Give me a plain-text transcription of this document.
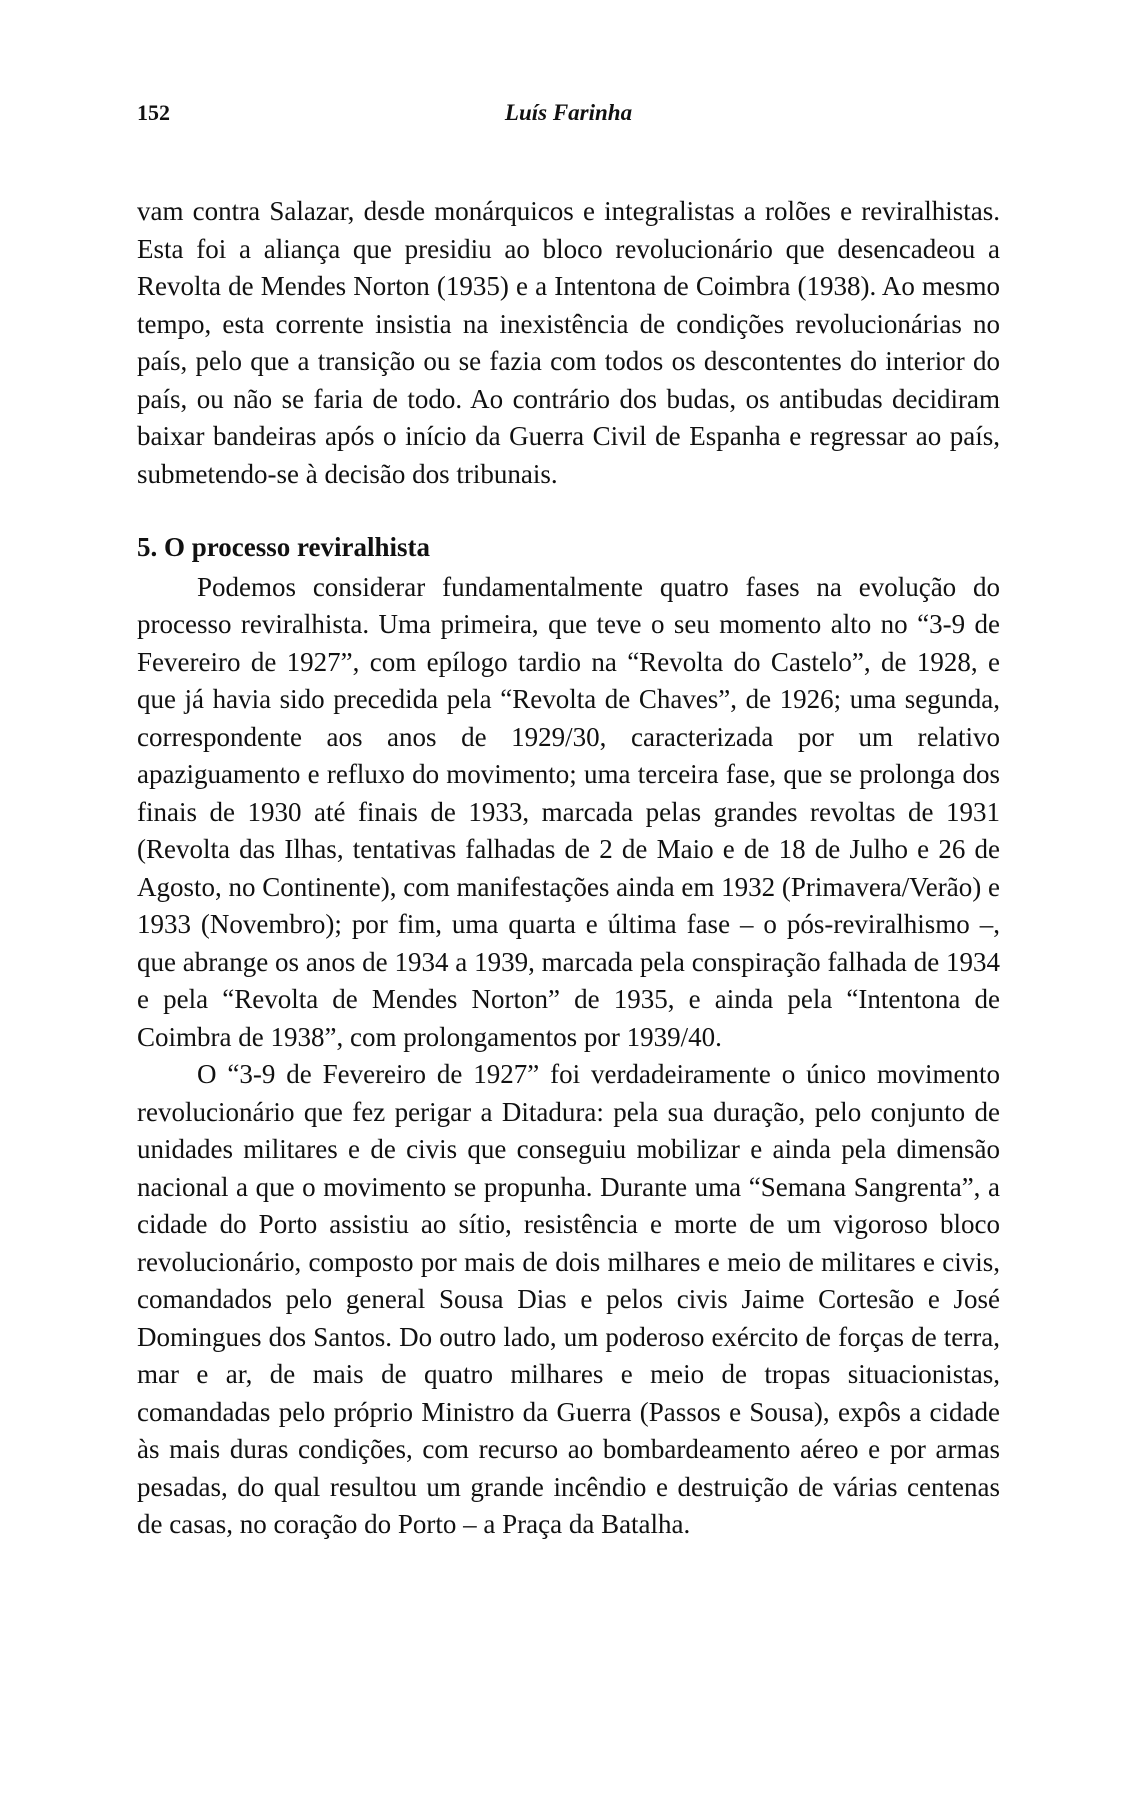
152	Luís Farinha

vam contra Salazar, desde monárquicos e integralistas a rolões e reviralhistas. Esta foi a aliança que presidiu ao bloco revolucionário que desencadeou a Revolta de Mendes Norton (1935) e a Intentona de Coimbra (1938). Ao mesmo tempo, esta corrente insistia na inexistência de condições revolucionárias no país, pelo que a transição ou se fazia com todos os descontentes do interior do país, ou não se faria de todo. Ao contrário dos budas, os antibudas decidiram baixar bandeiras após o início da Guerra Civil de Espanha e regressar ao país, submetendo-se à decisão dos tribunais.

5. O processo reviralhista

Podemos considerar fundamentalmente quatro fases na evolução do processo reviralhista. Uma primeira, que teve o seu momento alto no “3-9 de Fevereiro de 1927”, com epílogo tardio na “Revolta do Castelo”, de 1928, e que já havia sido precedida pela “Revolta de Chaves”, de 1926; uma segunda, correspondente aos anos de 1929/30, caracterizada por um relativo apaziguamento e refluxo do movimento; uma terceira fase, que se prolonga dos finais de 1930 até finais de 1933, marcada pelas grandes revoltas de 1931 (Revolta das Ilhas, tentativas falhadas de 2 de Maio e de 18 de Julho e 26 de Agosto, no Continente), com manifestações ainda em 1932 (Primavera/Verão) e 1933 (Novembro); por fim, uma quarta e última fase – o pós-reviralhismo –, que abrange os anos de 1934 a 1939, marcada pela conspiração falhada de 1934 e pela “Revolta de Mendes Norton” de 1935, e ainda pela “Intentona de Coimbra de 1938”, com prolongamentos por 1939/40.

O “3-9 de Fevereiro de 1927” foi verdadeiramente o único movimento revolucionário que fez perigar a Ditadura: pela sua duração, pelo conjunto de unidades militares e de civis que conseguiu mobilizar e ainda pela dimensão nacional a que o movimento se propunha. Durante uma “Semana Sangrenta”, a cidade do Porto assistiu ao sítio, resistência e morte de um vigoroso bloco revolucionário, composto por mais de dois milhares e meio de militares e civis, comandados pelo general Sousa Dias e pelos civis Jaime Cortesão e José Domingues dos Santos. Do outro lado, um poderoso exército de forças de terra, mar e ar, de mais de quatro milhares e meio de tropas situacionistas, comandadas pelo próprio Ministro da Guerra (Passos e Sousa), expôs a cidade às mais duras condições, com recurso ao bombardeamento aéreo e por armas pesadas, do qual resultou um grande incêndio e destruição de várias centenas de casas, no coração do Porto – a Praça da Batalha.
